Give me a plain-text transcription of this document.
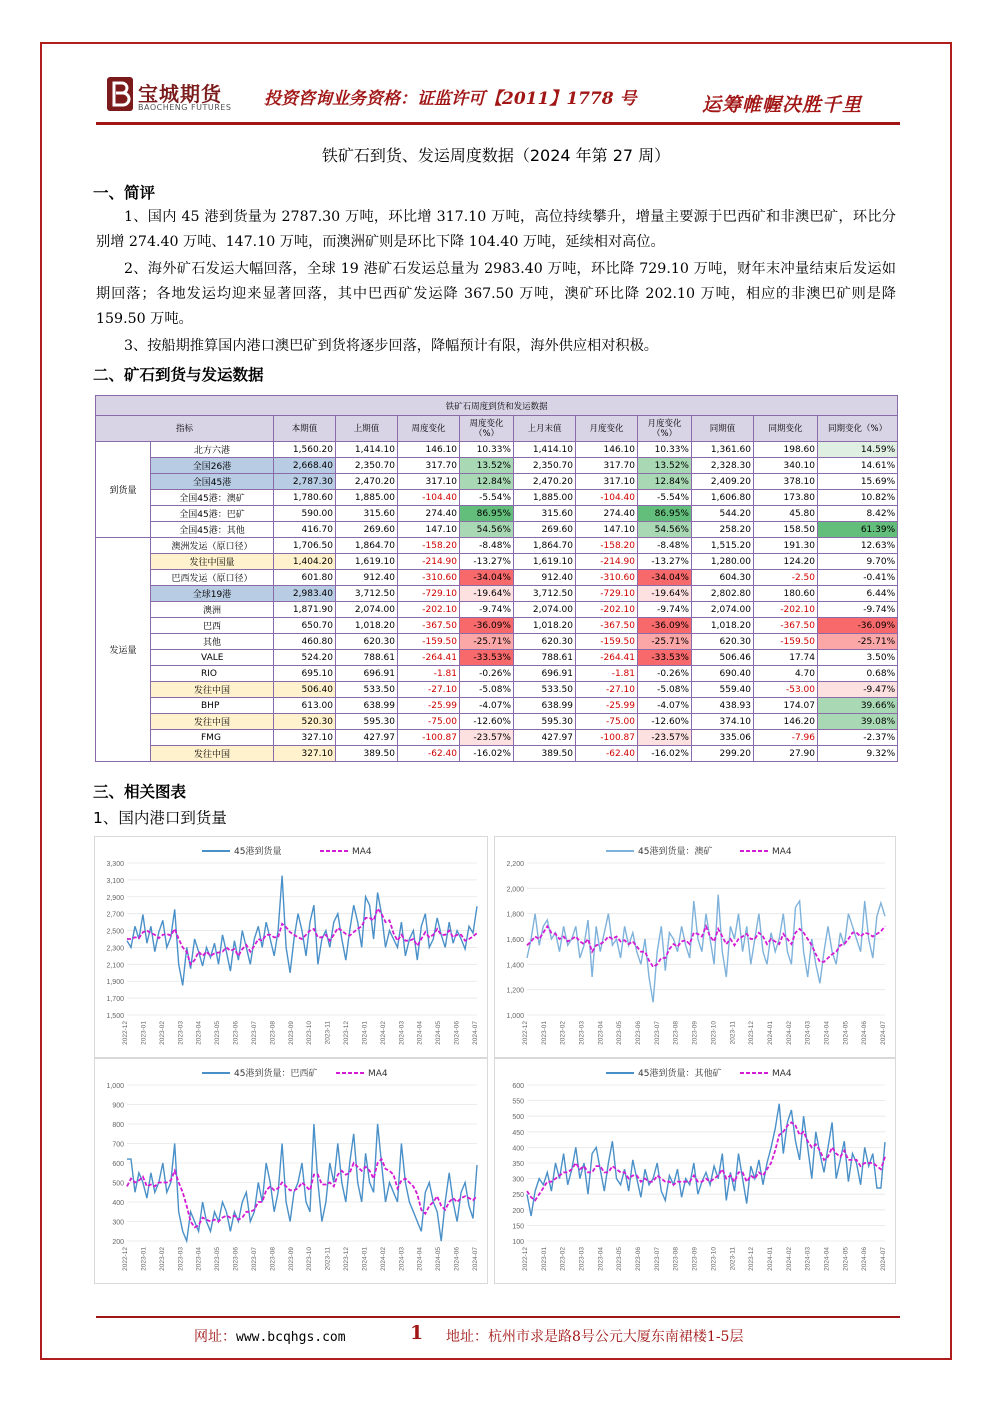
宝城期货
BAOCHENG FUTURES 投资咨询业务资格：证监许可【2011】1778 号	运筹帷幄决胜千里
铁矿石到货、发运周度数据（2024 年第 27 周）
一、简评

1、国内 45 港到货量为 2787.30 万吨，环比增 317.10 万吨，高位持续攀升，增量主要源于巴西矿和非澳巴矿，环比分别增 274.40 万吨、147.10 万吨，而澳洲矿则是环比下降 104.40 万吨，延续相对高位。

2、海外矿石发运大幅回落，全球 19 港矿石发运总量为 2983.40 万吨，环比降 729.10 万吨，财年末冲量结束后发运如期回落；各地发运均迎来显著回落，其中巴西矿发运降 367.50 万吨，澳矿环比降 202.10 万吨，相应的非澳巴矿则是降 159.50 万吨。

3、按船期推算国内港口澳巴矿到货将逐步回落，降幅预计有限，海外供应相对积极。

二、矿石到货与发运数据
铁矿石周度到货和发运数据											
指标		本期值	上期值	周度变化	周度变化（%）	上月末值	月度变化	月度变化（%）	同期值	同期变化	同期变化（%）
到货量	北方六港	1,560.20	1,414.10	146.10	10.33%	1,414.10	146.10	10.33%	1,361.60	198.60	14.59%
	全国26港	2,668.40	2,350.70	317.70	13.52%	2,350.70	317.70	13.52%	2,328.30	340.10	14.61%
	全国45港	2,787.30	2,470.20	317.10	12.84%	2,470.20	317.10	12.84%	2,409.20	378.10	15.69%
	全国45港：澳矿	1,780.60	1,885.00	-104.40	-5.54%	1,885.00	-104.40	-5.54%	1,606.80	173.80	10.82%
	全国45港：巴矿	590.00	315.60	274.40	86.95%	315.60	274.40	86.95%	544.20	45.80	8.42%
	全国45港：其他	416.70	269.60	147.10	54.56%	269.60	147.10	54.56%	258.20	158.50	61.39%
发运量	澳洲发运（原口径）	1,706.50	1,864.70	-158.20	-8.48%	1,864.70	-158.20	-8.48%	1,515.20	191.30	12.63%
	发往中国量	1,404.20	1,619.10	-214.90	-13.27%	1,619.10	-214.90	-13.27%	1,280.00	124.20	9.70%
	巴西发运（原口径）	601.80	912.40	-310.60	-34.04%	912.40	-310.60	-34.04%	604.30	-2.50	-0.41%
	全球19港	2,983.40	3,712.50	-729.10	-19.64%	3,712.50	-729.10	-19.64%	2,802.80	180.60	6.44%
	澳洲	1,871.90	2,074.00	-202.10	-9.74%	2,074.00	-202.10	-9.74%	2,074.00	-202.10	-9.74%
	巴西	650.70	1,018.20	-367.50	-36.09%	1,018.20	-367.50	-36.09%	1,018.20	-367.50	-36.09%
	其他	460.80	620.30	-159.50	-25.71%	620.30	-159.50	-25.71%	620.30	-159.50	-25.71%
	VALE	524.20	788.61	-264.41	-33.53%	788.61	-264.41	-33.53%	506.46	17.74	3.50%
	RIO	695.10	696.91	-1.81	-0.26%	696.91	-1.81	-0.26%	690.40	4.70	0.68%
	发往中国	506.40	533.50	-27.10	-5.08%	533.50	-27.10	-5.08%	559.40	-53.00	-9.47%
	BHP	613.00	638.99	-25.99	-4.07%	638.99	-25.99	-4.07%	438.93	174.07	39.66%
	发往中国	520.30	595.30	-75.00	-12.60%	595.30	-75.00	-12.60%	374.10	146.20	39.08%
	FMG	327.10	427.97	-100.87	-23.57%	427.97	-100.87	-23.57%	335.06	-7.96	-2.37%
	发往中国	327.10	389.50	-62.40	-16.02%	389.50	-62.40	-16.02%	299.20	27.90	9.32%
三、相关图表
1、国内港口到货量
1,500
1,700
1,900
2,100
2,300
2,500
2,700
2,900
3,100
3,300
2022-12 2023-01 2023-02 2023-03 2023-04 2023-05 2023-06 2023-07 2023-08 2023-09 2023-10 2023-11 2023-12 2024-01 2024-02 2024-03 2024-04 2024-05 2024-06 2024-07
45港到货量	MA4
1,000
1,200
1,400
1,600
1,800
2,000
2,200
2022-12 2023-01 2023-02 2023-03 2023-04 2023-05 2023-06 2023-07 2023-08 2023-09 2023-10 2023-11 2023-12 2024-01 2024-02 2024-03 2024-04 2024-05 2024-06 2024-07
45港到货量：澳矿	MA4
200
300
400
500
600
700
800
900
1,000
2022-12 2023-01 2023-02 2023-03 2023-04 2023-05 2023-06 2023-07 2023-08 2023-09 2023-10 2023-11 2023-12 2024-01 2024-02 2024-03 2024-04 2024-05 2024-06 2024-07
45港到货量：巴西矿	MA4
100
150
200
250
300
350
400
450
500
550
600
2022-12 2023-01 2023-02 2023-03 2023-04 2023-05 2023-06 2023-07 2023-08 2023-09 2023-10 2023-11 2023-12 2024-01 2024-02 2024-03 2024-04 2024-05 2024-06 2024-07
45港到货量：其他矿	MA4
网址：www.bcqhgs.com	1 地址：杭州市求是路8号公元大厦东南裙楼1-5层
